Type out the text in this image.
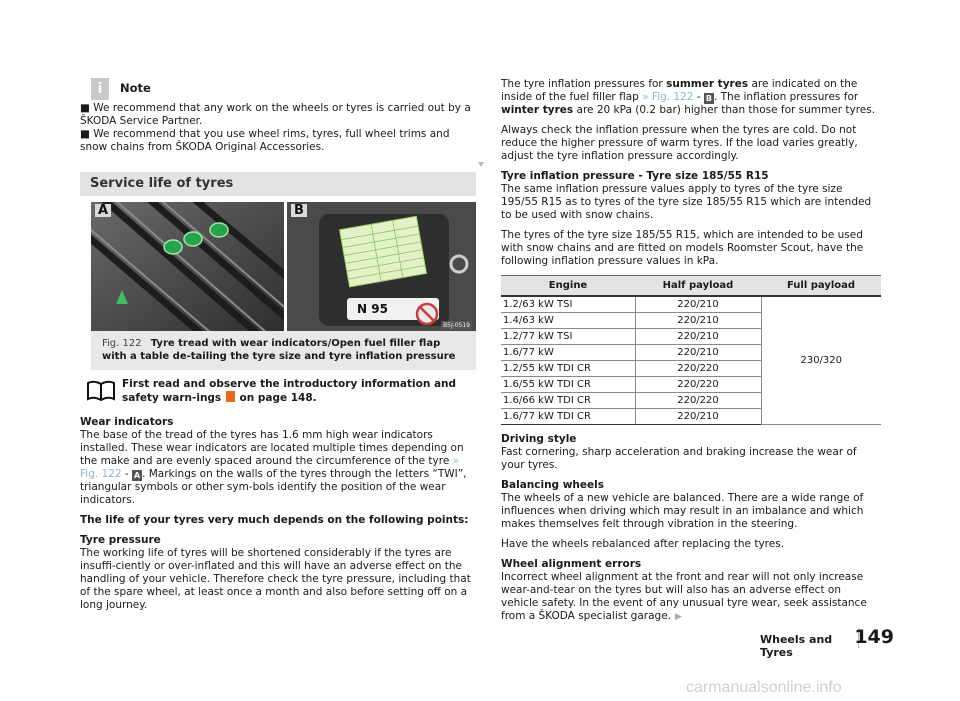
i	Note

■ We recommend that any work on the wheels or tyres is carried out by a ŠKODA Service Partner.

■ We recommend that you use wheel rims, tyres, full wheel trims and snow chains from ŠKODA Original Accessories.

Service life of tyres
A	B
N 95
B5J-0519
Fig. 122 Tyre tread with wear indicators/Open fuel filler flap with a table de-tailing the tyre size and tyre inflation pressure
First read and observe the introductory information and safety warn-ings on page 148.

Wear indicators
The base of the tread of the tyres has 1.6 mm high wear indicators installed. These wear indicators are located multiple times depending on the make and are evenly spaced around the circumference of the tyre » Fig. 122 - A . Markings on the walls of the tyres through the letters “TWI”, triangular symbols or other sym-bols identify the position of the wear indicators.

The life of your tyres very much depends on the following points:

Tyre pressure
The working life of tyres will be shortened considerably if the tyres are insuffi-ciently or over-inflated and this will have an adverse effect on the handling of your vehicle. Therefore check the tyre pressure, including that of the spare wheel, at least once a month and also before setting off on a long journey.

The tyre inflation pressures for summer tyres are indicated on the inside of the fuel filler flap » Fig. 122 - B . The inflation pressures for winter tyres are 20 kPa (0.2 bar) higher than those for summer tyres.

Always check the inflation pressure when the tyres are cold. Do not reduce the higher pressure of warm tyres. If the load varies greatly, adjust the tyre inflation pressure accordingly.

Tyre inflation pressure - Tyre size 185/55 R15
The same inflation pressure values apply to tyres of the tyre size 195/55 R15 as to tyres of the tyre size 185/55 R15 which are intended to be used with snow chains.

The tyres of the tyre size 185/55 R15, which are intended to be used with snow chains and are fitted on models Roomster Scout, have the following inflation pressure values in kPa.

Engine	Half payload	Full payload
1.2/63 kW TSI	220/210	230/320
1.4/63 kW	220/210	
1.2/77 kW TSI	220/210	
1.6/77 kW	220/210	
1.2/55 kW TDI CR	220/220	
1.6/55 kW TDI CR	220/220	
1.6/66 kW TDI CR	220/220	
1.6/77 kW TDI CR	220/210	

Driving style
Fast cornering, sharp acceleration and braking increase the wear of your tyres.

Balancing wheels
The wheels of a new vehicle are balanced. There are a wide range of influences when driving which may result in an imbalance and which makes themselves felt through vibration in the steering.

Have the wheels rebalanced after replacing the tyres.

Wheel alignment errors
Incorrect wheel alignment at the front and rear will not only increase wear-and-tear on the tyres but will also has an adverse effect on vehicle safety. In the event of any unusual tyre wear, seek assistance from a ŠKODA specialist garage. ▶

Wheels and Tyres
149
carmanualsonline.info
